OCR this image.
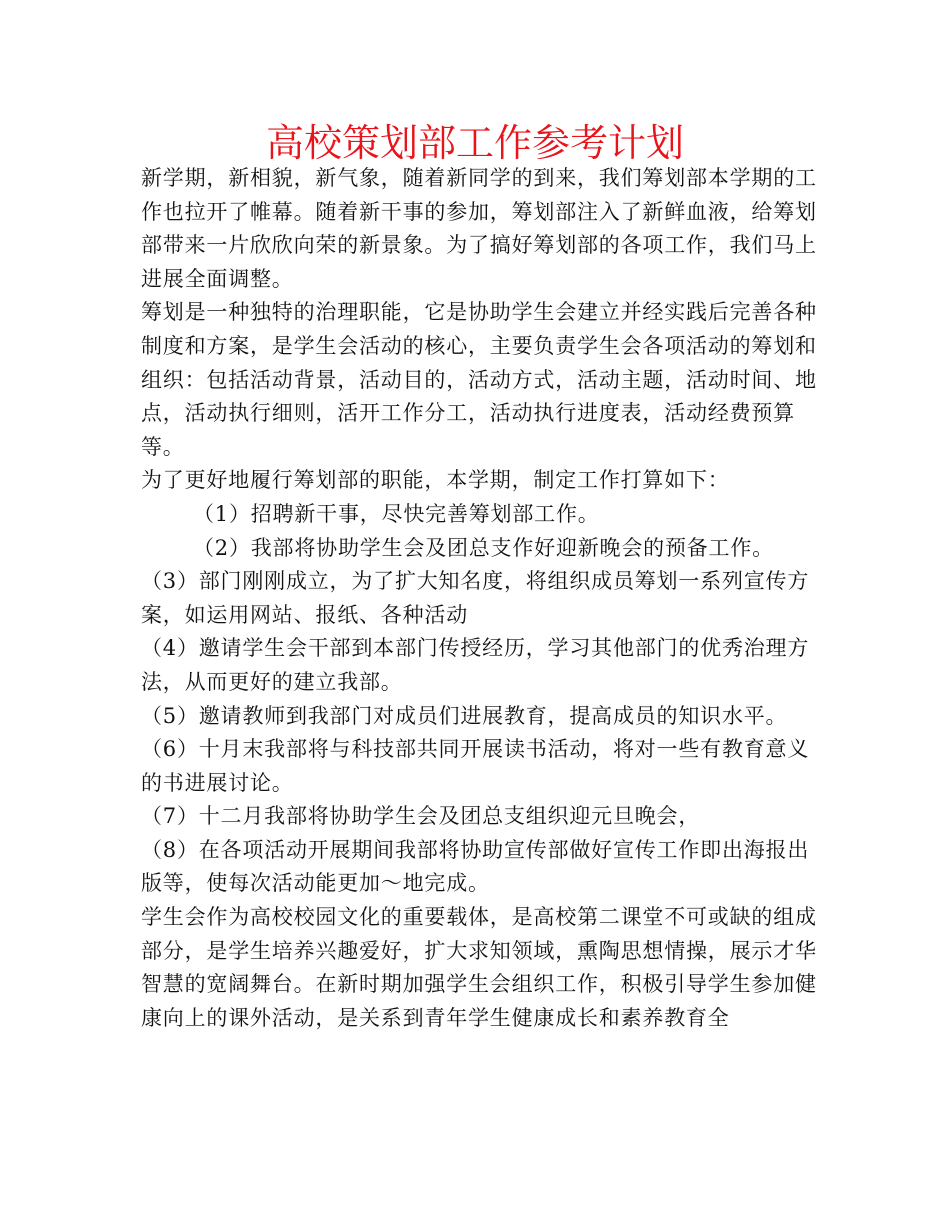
高校策划部工作参考计划

新学期，新相貌，新气象，随着新同学的到来，我们筹划部本学期的工作也拉开了帷幕。随着新干事的参加，筹划部注入了新鲜血液，给筹划部带来一片欣欣向荣的新景象。为了搞好筹划部的各项工作，我们马上进展全面调整。

筹划是一种独特的治理职能，它是协助学生会建立并经实践后完善各种制度和方案，是学生会活动的核心，主要负责学生会各项活动的筹划和组织：包括活动背景，活动目的，活动方式，活动主题，活动时间、地点，活动执行细则，活开工作分工，活动执行进度表，活动经费预算等。

为了更好地履行筹划部的职能，本学期，制定工作打算如下：

（1）招聘新干事，尽快完善筹划部工作。

（2）我部将协助学生会及团总支作好迎新晚会的预备工作。

（3）部门刚刚成立，为了扩大知名度，将组织成员筹划一系列宣传方案，如运用网站、报纸、各种活动

（4）邀请学生会干部到本部门传授经历，学习其他部门的优秀治理方法，从而更好的建立我部。

（5）邀请教师到我部门对成员们进展教育，提高成员的知识水平。

（6）十月末我部将与科技部共同开展读书活动，将对一些有教育意义的书进展讨论。

（7）十二月我部将协助学生会及团总支组织迎元旦晚会，

（8）在各项活动开展期间我部将协助宣传部做好宣传工作即出海报出版等，使每次活动能更加～地完成。

学生会作为高校校园文化的重要载体，是高校第二课堂不可或缺的组成部分，是学生培养兴趣爱好，扩大求知领域，熏陶思想情操，展示才华智慧的宽阔舞台。在新时期加强学生会组织工作，积极引导学生参加健康向上的课外活动，是关系到青年学生健康成长和素养教育全
